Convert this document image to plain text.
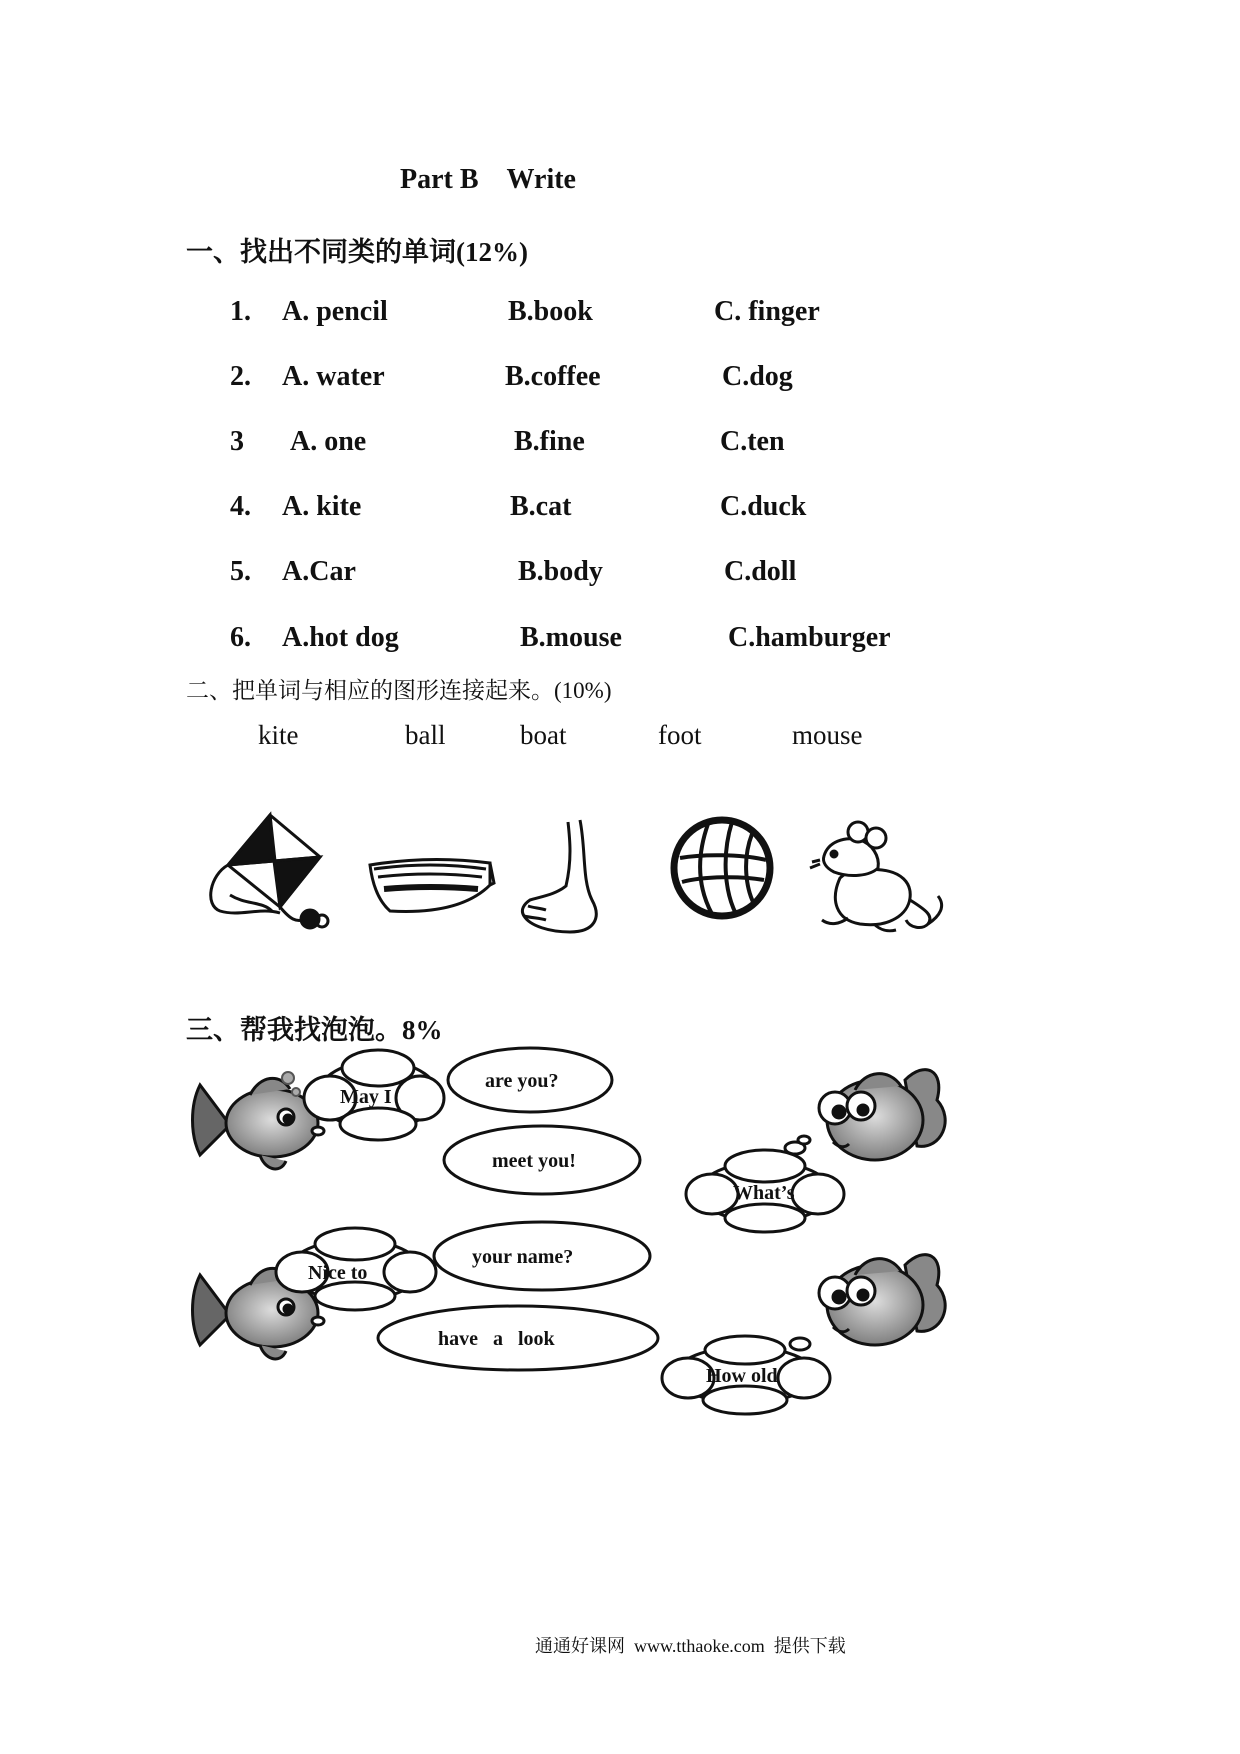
Part B Write
一、找出不同类的单词(12%)
1. A. pencil	B.book	C. finger
2. A. water	B.coffee	C.dog
3 A. one	B.fine	C.ten
4. A. kite	B.cat	C.duck
5. A.Car	B.body	C.doll
6. A.hot dog	B.mouse	C.hamburger
二、把单词与相应的图形连接起来。(10%)
kite	ball	boat	foot	mouse
三、帮我找泡泡。8%
May I
What’s
Nice to
How old
are you?
meet you!
your name?
have   a   look
通通好课网  www.tthaoke.com  提供下载
